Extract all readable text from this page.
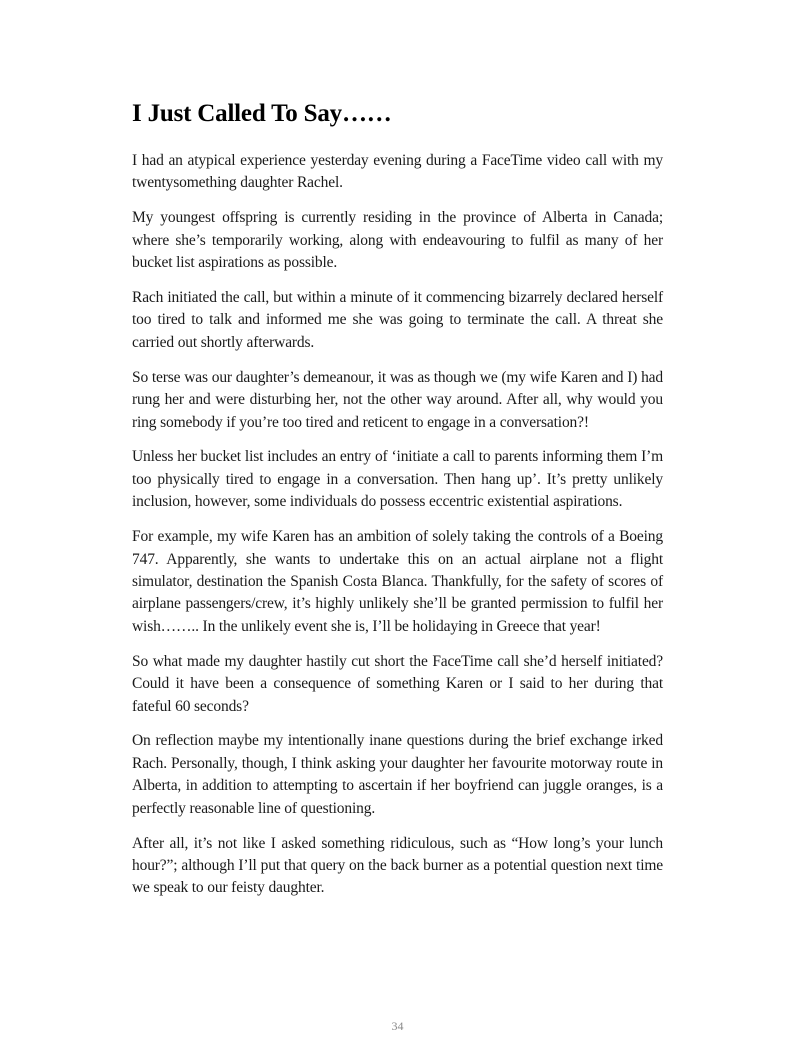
I Just Called To Say……

I had an atypical experience yesterday evening during a FaceTime video call with my twentysomething daughter Rachel.

My youngest offspring is currently residing in the province of Alberta in Canada; where she’s temporarily working, along with endeavouring to fulfil as many of her bucket list aspirations as possible.

Rach initiated the call, but within a minute of it commencing bizarrely declared herself too tired to talk and informed me she was going to terminate the call. A threat she carried out shortly afterwards.

So terse was our daughter’s demeanour, it was as though we (my wife Karen and I) had rung her and were disturbing her, not the other way around. After all, why would you ring somebody if you’re too tired and reticent to engage in a conversation?!

Unless her bucket list includes an entry of ‘initiate a call to parents informing them I’m too physically tired to engage in a conversation. Then hang up’. It’s pretty unlikely inclusion, however, some individuals do possess eccentric existential aspirations.

For example, my wife Karen has an ambition of solely taking the controls of a Boeing 747. Apparently, she wants to undertake this on an actual airplane not a flight simulator, destination the Spanish Costa Blanca. Thankfully, for the safety of scores of airplane passengers/crew, it’s highly unlikely she’ll be granted permission to fulfil her wish…….. In the unlikely event she is, I’ll be holidaying in Greece that year!

So what made my daughter hastily cut short the FaceTime call she’d herself initiated?Could it have been a consequence of something Karen or I said to her during that fateful 60 seconds?

On reflection maybe my intentionally inane questions during the brief exchange irked Rach. Personally, though, I think asking your daughter her favourite motorway route in Alberta, in addition to attempting to ascertain if her boyfriend can juggle oranges, is a perfectly reasonable line of questioning.

After all, it’s not like I asked something ridiculous, such as “How long’s your lunch hour?”; although I’ll put that query on the back burner as a potential question next time we speak to our feisty daughter.

34
